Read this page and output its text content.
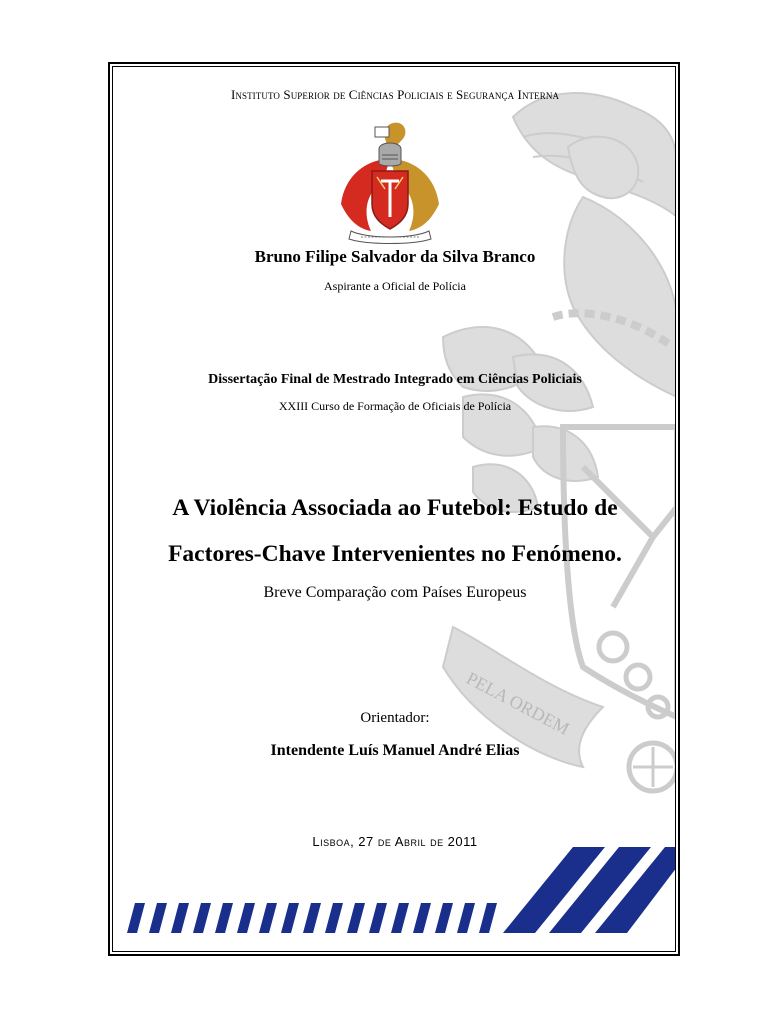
PELA ORDEM
Instituto Superior de Ciências Policiais e Segurança Interna
Bruno Filipe Salvador da Silva Branco
Aspirante a Oficial de Polícia
Dissertação Final de Mestrado Integrado em Ciências Policiais
XXIII Curso de Formação de Oficiais de Polícia
A Violência Associada ao Futebol: Estudo de
Factores-Chave Intervenientes no Fenómeno.
Breve Comparação com Países Europeus
Orientador:
Intendente Luís Manuel André Elias
Lisboa, 27 de Abril de 2011
